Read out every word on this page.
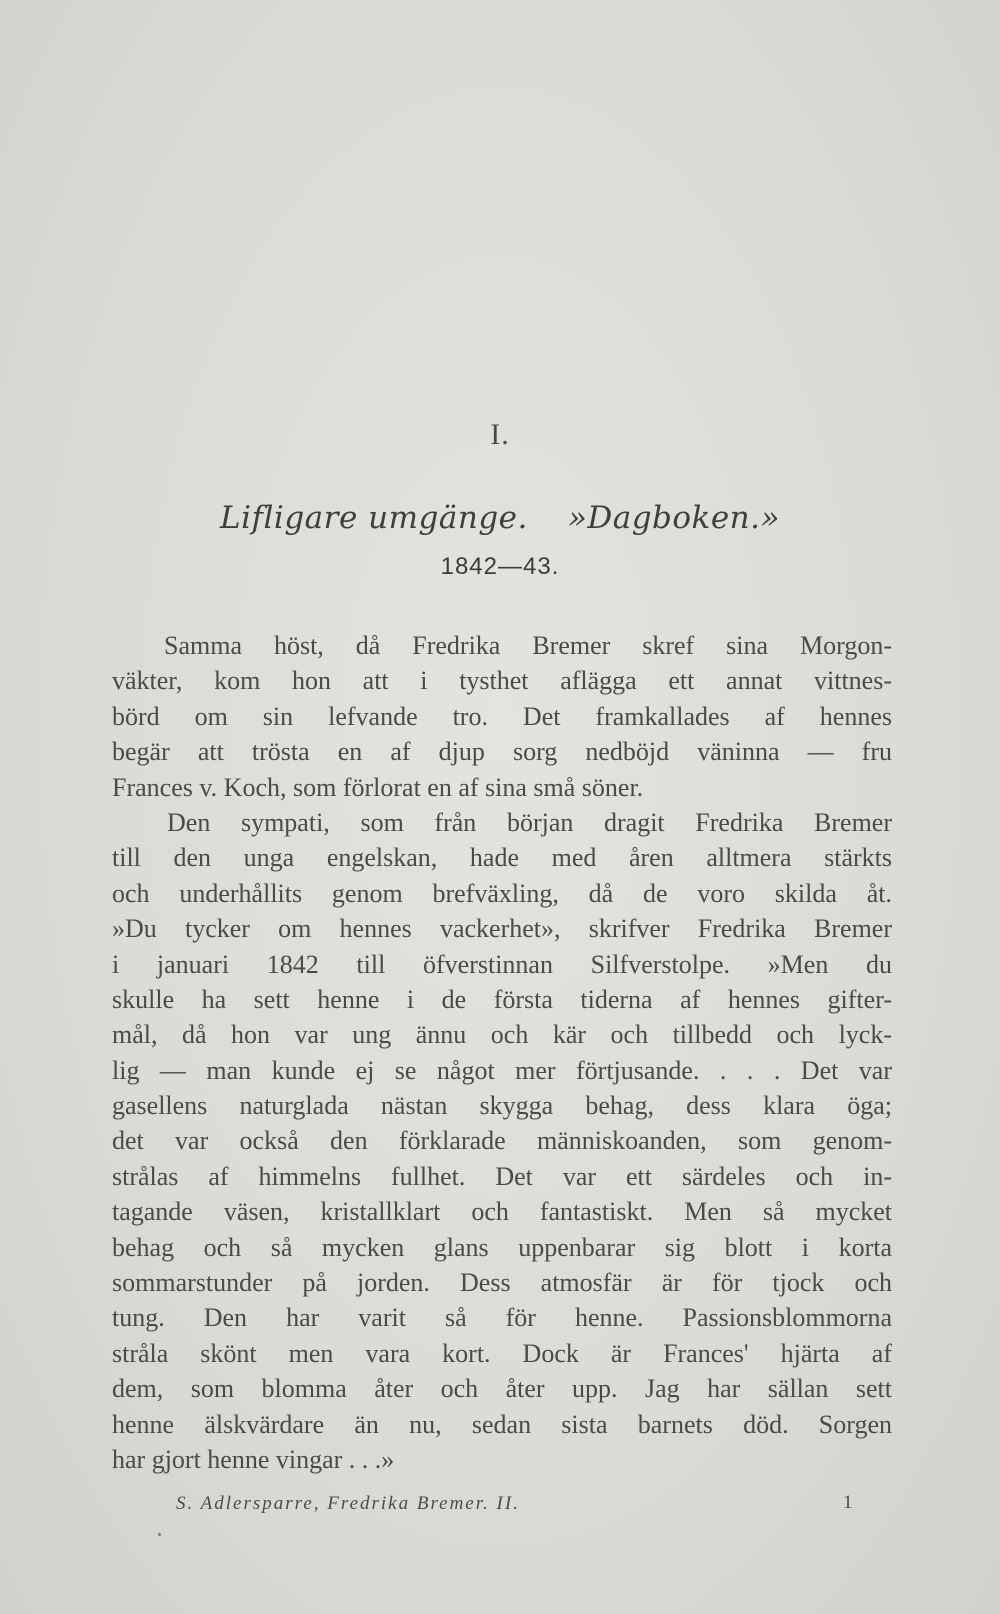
I.
Lifligare umgänge. »Dagboken.»
1842—43.
Samma höst, då Fredrika Bremer skref sina Morgon-
väkter, kom hon att i tysthet aflägga ett annat vittnes-
börd om sin lefvande tro. Det framkallades af hennes
begär att trösta en af djup sorg nedböjd väninna — fru
Frances v. Koch, som förlorat en af sina små söner.
Den sympati, som från början dragit Fredrika Bremer
till den unga engelskan, hade med åren alltmera stärkts
och underhållits genom brefväxling, då de voro skilda åt.
»Du tycker om hennes vackerhet», skrifver Fredrika Bremer
i januari 1842 till öfverstinnan Silfverstolpe. »Men du
skulle ha sett henne i de första tiderna af hennes gifter-
mål, då hon var ung ännu och kär och tillbedd och lyck-
lig — man kunde ej se något mer förtjusande. . . . Det var
gasellens naturglada nästan skygga behag, dess klara öga;
det var också den förklarade människoanden, som genom-
strålas af himmelns fullhet. Det var ett särdeles och in-
tagande väsen, kristallklart och fantastiskt. Men så mycket
behag och så mycken glans uppenbarar sig blott i korta
sommarstunder på jorden. Dess atmosfär är för tjock och
tung. Den har varit så för henne. Passionsblommorna
stråla skönt men vara kort. Dock är Frances' hjärta af
dem, som blomma åter och åter upp. Jag har sällan sett
henne älskvärdare än nu, sedan sista barnets död. Sorgen
har gjort henne vingar . . .»
S. Adlersparre, Fredrika Bremer. II.	1
